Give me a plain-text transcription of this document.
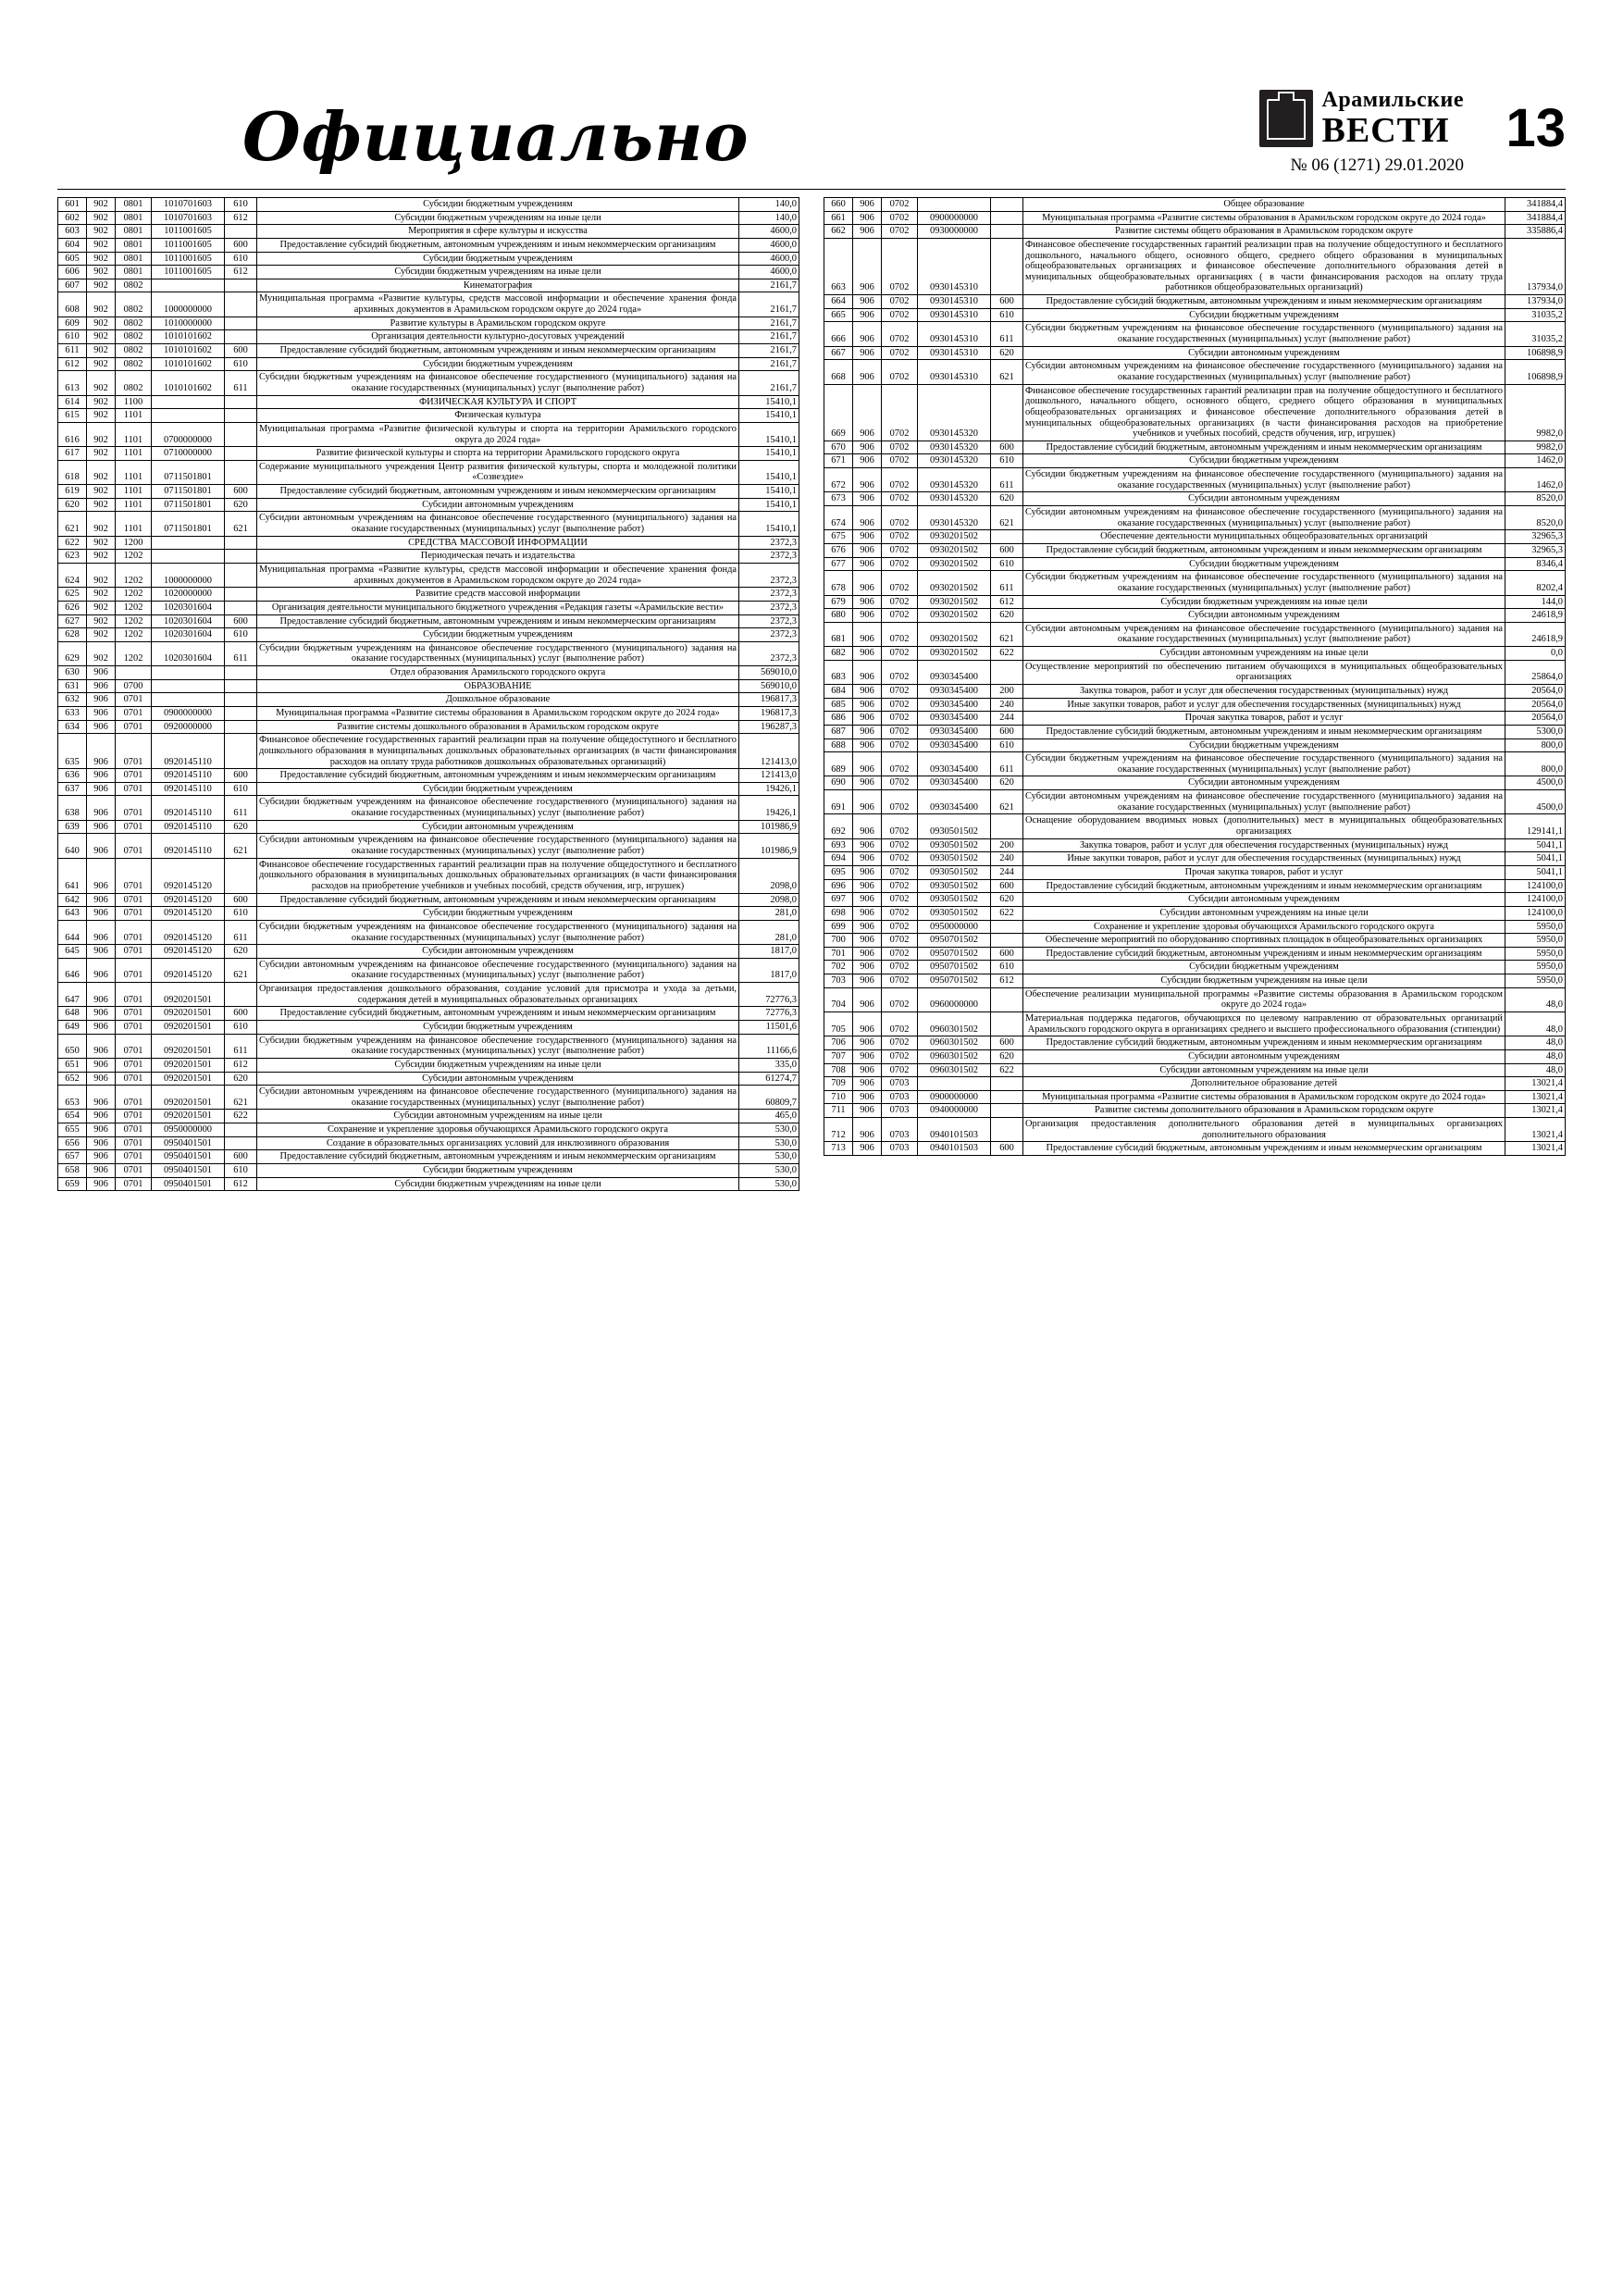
Официально	Арамильские
ВЕСТИ
№ 06 (1271) 29.01.2020
13
601	902	0801	1010701603	610	Субсидии бюджетным учреждениям	140,0
602	902	0801	1010701603	612	Субсидии бюджетным учреждениям на иные цели	140,0
603	902	0801	1011001605		Мероприятия в сфере культуры и искусства	4600,0
604	902	0801	1011001605	600	Предоставление субсидий бюджетным, автономным учреждениям и иным некоммерческим организациям	4600,0
605	902	0801	1011001605	610	Субсидии бюджетным учреждениям	4600,0
606	902	0801	1011001605	612	Субсидии бюджетным учреждениям на иные цели	4600,0
607	902	0802			Кинематография	2161,7
608	902	0802	1000000000		Муниципальная программа «Развитие культуры, средств массовой информации и обеспечение хранения фонда архивных документов в Арамильском городском округе до 2024 года»	2161,7
609	902	0802	1010000000		Развитие культуры в Арамильском городском округе	2161,7
610	902	0802	1010101602		Организация деятельности культурно-досуговых учреждений	2161,7
611	902	0802	1010101602	600	Предоставление субсидий бюджетным, автономным учреждениям и иным некоммерческим организациям	2161,7
612	902	0802	1010101602	610	Субсидии бюджетным учреждениям	2161,7
613	902	0802	1010101602	611	Субсидии бюджетным учреждениям на финансовое обеспечение государственного (муниципального) задания на оказание государственных (муниципальных) услуг (выполнение работ)	2161,7
614	902	1100			ФИЗИЧЕСКАЯ КУЛЬТУРА И СПОРТ	15410,1
615	902	1101			Физическая культура	15410,1
616	902	1101	0700000000		Муниципальная программа «Развитие физической культуры и спорта на территории Арамильского городского округа до 2024 года»	15410,1
617	902	1101	0710000000		Развитие физической культуры и спорта на территории Арамильского городского округа	15410,1
618	902	1101	0711501801		Содержание муниципального учреждения Центр развития физической культуры, спорта и молодежной политики «Созвездие»	15410,1
619	902	1101	0711501801	600	Предоставление субсидий бюджетным, автономным учреждениям и иным некоммерческим организациям	15410,1
620	902	1101	0711501801	620	Субсидии автономным учреждениям	15410,1
621	902	1101	0711501801	621	Субсидии автономным учреждениям на финансовое обеспечение государственного (муниципального) задания на оказание государственных (муниципальных) услуг (выполнение работ)	15410,1
622	902	1200			СРЕДСТВА МАССОВОЙ ИНФОРМАЦИИ	2372,3
623	902	1202			Периодическая печать и издательства	2372,3
624	902	1202	1000000000		Муниципальная программа «Развитие культуры, средств массовой информации и обеспечение хранения фонда архивных документов в Арамильском городском округе до 2024 года»	2372,3
625	902	1202	1020000000		Развитие средств массовой информации	2372,3
626	902	1202	1020301604		Организация деятельности муниципального бюджетного учреждения «Редакция газеты «Арамильские вести»	2372,3
627	902	1202	1020301604	600	Предоставление субсидий бюджетным, автономным учреждениям и иным некоммерческим организациям	2372,3
628	902	1202	1020301604	610	Субсидии бюджетным учреждениям	2372,3
629	902	1202	1020301604	611	Субсидии бюджетным учреждениям на финансовое обеспечение государственного (муниципального) задания на оказание государственных (муниципальных) услуг (выполнение работ)	2372,3
630	906				Отдел образования Арамильского городского округа	569010,0
631	906	0700			ОБРАЗОВАНИЕ	569010,0
632	906	0701			Дошкольное образование	196817,3
633	906	0701	0900000000		Муниципальная программа «Развитие системы образования в Арамильском городском округе до 2024 года»	196817,3
634	906	0701	0920000000		Развитие системы дошкольного образования в Арамильском городском округе	196287,3
635	906	0701	0920145110		Финансовое обеспечение государственных гарантий реализации прав на получение общедоступного и бесплатного дошкольного образования в муниципальных дошкольных образовательных организациях (в части финансирования расходов на оплату труда работников дошкольных образовательных организаций)	121413,0
636	906	0701	0920145110	600	Предоставление субсидий бюджетным, автономным учреждениям и иным некоммерческим организациям	121413,0
637	906	0701	0920145110	610	Субсидии бюджетным учреждениям	19426,1
638	906	0701	0920145110	611	Субсидии бюджетным учреждениям на финансовое обеспечение государственного (муниципального) задания на оказание государственных (муниципальных) услуг (выполнение работ)	19426,1
639	906	0701	0920145110	620	Субсидии автономным учреждениям	101986,9
640	906	0701	0920145110	621	Субсидии автономным учреждениям на финансовое обеспечение государственного (муниципального) задания на оказание государственных (муниципальных) услуг (выполнение работ)	101986,9
641	906	0701	0920145120		Финансовое обеспечение государственных гарантий реализации прав на получение общедоступного и бесплатного дошкольного образования в муниципальных дошкольных образовательных организациях (в части финансирования расходов на приобретение учебников и учебных пособий, средств обучения, игр, игрушек)	2098,0
642	906	0701	0920145120	600	Предоставление субсидий бюджетным, автономным учреждениям и иным некоммерческим организациям	2098,0
643	906	0701	0920145120	610	Субсидии бюджетным учреждениям	281,0
644	906	0701	0920145120	611	Субсидии бюджетным учреждениям на финансовое обеспечение государственного (муниципального) задания на оказание государственных (муниципальных) услуг (выполнение работ)	281,0
645	906	0701	0920145120	620	Субсидии автономным учреждениям	1817,0
646	906	0701	0920145120	621	Субсидии автономным учреждениям на финансовое обеспечение государственного (муниципального) задания на оказание государственных (муниципальных) услуг (выполнение работ)	1817,0
647	906	0701	0920201501		Организация предоставления дошкольного образования, создание условий для присмотра и ухода за детьми, содержания детей в муниципальных образовательных организациях	72776,3
648	906	0701	0920201501	600	Предоставление субсидий бюджетным, автономным учреждениям и иным некоммерческим организациям	72776,3
649	906	0701	0920201501	610	Субсидии бюджетным учреждениям	11501,6
650	906	0701	0920201501	611	Субсидии бюджетным учреждениям на финансовое обеспечение государственного (муниципального) задания на оказание государственных (муниципальных) услуг (выполнение работ)	11166,6
651	906	0701	0920201501	612	Субсидии бюджетным учреждениям на иные цели	335,0
652	906	0701	0920201501	620	Субсидии автономным учреждениям	61274,7
653	906	0701	0920201501	621	Субсидии автономным учреждениям на финансовое обеспечение государственного (муниципального) задания на оказание государственных (муниципальных) услуг (выполнение работ)	60809,7
654	906	0701	0920201501	622	Субсидии автономным учреждениям на иные цели	465,0
655	906	0701	0950000000		Сохранение и укрепление здоровья обучающихся Арамильского городского округа	530,0
656	906	0701	0950401501		Создание в образовательных организациях условий для инклюзивного образования	530,0
657	906	0701	0950401501	600	Предоставление субсидий бюджетным, автономным учреждениям и иным некоммерческим организациям	530,0
658	906	0701	0950401501	610	Субсидии бюджетным учреждениям	530,0
659	906	0701	0950401501	612	Субсидии бюджетным учреждениям на иные цели	530,0
660	906	0702			Общее образование	341884,4
661	906	0702	0900000000		Муниципальная программа «Развитие системы образования в Арамильском городском округе до 2024 года»	341884,4
662	906	0702	0930000000		Развитие системы общего образования в Арамильском городском округе	335886,4
663	906	0702	0930145310		Финансовое обеспечение государственных гарантий реализации прав на получение общедоступного и бесплатного дошкольного, начального общего, основного общего, среднего общего образования в муниципальных общеобразовательных организациях и финансовое обеспечение дополнительного образования детей в муниципальных общеобразовательных организациях ( в части финансирования расходов на оплату труда работников общеобразовательных организаций)	137934,0
664	906	0702	0930145310	600	Предоставление субсидий бюджетным, автономным учреждениям и иным некоммерческим организациям	137934,0
665	906	0702	0930145310	610	Субсидии бюджетным учреждениям	31035,2
666	906	0702	0930145310	611	Субсидии бюджетным учреждениям на финансовое обеспечение государственного (муниципального) задания на оказание государственных (муниципальных) услуг (выполнение работ)	31035,2
667	906	0702	0930145310	620	Субсидии автономным учреждениям	106898,9
668	906	0702	0930145310	621	Субсидии автономным учреждениям на финансовое обеспечение государственного (муниципального) задания на оказание государственных (муниципальных) услуг (выполнение работ)	106898,9
669	906	0702	0930145320		Финансовое обеспечение государственных гарантий реализации прав на получение общедоступного и бесплатного дошкольного, начального общего, основного общего, среднего общего образования в муниципальных общеобразовательных организациях и финансовое обеспечение дополнительного образования детей в муниципальных общеобразовательных организациях (в части финансирования расходов на приобретение учебников и учебных пособий, средств обучения, игр, игрушек)	9982,0
670	906	0702	0930145320	600	Предоставление субсидий бюджетным, автономным учреждениям и иным некоммерческим организациям	9982,0
671	906	0702	0930145320	610	Субсидии бюджетным учреждениям	1462,0
672	906	0702	0930145320	611	Субсидии бюджетным учреждениям на финансовое обеспечение государственного (муниципального) задания на оказание государственных (муниципальных) услуг (выполнение работ)	1462,0
673	906	0702	0930145320	620	Субсидии автономным учреждениям	8520,0
674	906	0702	0930145320	621	Субсидии автономным учреждениям на финансовое обеспечение государственного (муниципального) задания на оказание государственных (муниципальных) услуг (выполнение работ)	8520,0
675	906	0702	0930201502		Обеспечение деятельности муниципальных общеобразовательных организаций	32965,3
676	906	0702	0930201502	600	Предоставление субсидий бюджетным, автономным учреждениям и иным некоммерческим организациям	32965,3
677	906	0702	0930201502	610	Субсидии бюджетным учреждениям	8346,4
678	906	0702	0930201502	611	Субсидии бюджетным учреждениям на финансовое обеспечение государственного (муниципального) задания на оказание государственных (муниципальных) услуг (выполнение работ)	8202,4
679	906	0702	0930201502	612	Субсидии бюджетным учреждениям на иные цели	144,0
680	906	0702	0930201502	620	Субсидии автономным учреждениям	24618,9
681	906	0702	0930201502	621	Субсидии автономным учреждениям на финансовое обеспечение государственного (муниципального) задания на оказание государственных (муниципальных) услуг (выполнение работ)	24618,9
682	906	0702	0930201502	622	Субсидии автономным учреждениям на иные цели	0,0
683	906	0702	0930345400		Осуществление мероприятий по обеспечению питанием обучающихся в муниципальных общеобразовательных организациях	25864,0
684	906	0702	0930345400	200	Закупка товаров, работ и услуг для обеспечения государственных (муниципальных) нужд	20564,0
685	906	0702	0930345400	240	Иные закупки товаров, работ и услуг для обеспечения государственных (муниципальных) нужд	20564,0
686	906	0702	0930345400	244	Прочая закупка товаров, работ и услуг	20564,0
687	906	0702	0930345400	600	Предоставление субсидий бюджетным, автономным учреждениям и иным некоммерческим организациям	5300,0
688	906	0702	0930345400	610	Субсидии бюджетным учреждениям	800,0
689	906	0702	0930345400	611	Субсидии бюджетным учреждениям на финансовое обеспечение государственного (муниципального) задания на оказание государственных (муниципальных) услуг (выполнение работ)	800,0
690	906	0702	0930345400	620	Субсидии автономным учреждениям	4500,0
691	906	0702	0930345400	621	Субсидии автономным учреждениям на финансовое обеспечение государственного (муниципального) задания на оказание государственных (муниципальных) услуг (выполнение работ)	4500,0
692	906	0702	0930501502		Оснащение оборудованием вводимых новых (дополнительных) мест в муниципальных общеобразовательных организациях	129141,1
693	906	0702	0930501502	200	Закупка товаров, работ и услуг для обеспечения государственных (муниципальных) нужд	5041,1
694	906	0702	0930501502	240	Иные закупки товаров, работ и услуг для обеспечения государственных (муниципальных) нужд	5041,1
695	906	0702	0930501502	244	Прочая закупка товаров, работ и услуг	5041,1
696	906	0702	0930501502	600	Предоставление субсидий бюджетным, автономным учреждениям и иным некоммерческим организациям	124100,0
697	906	0702	0930501502	620	Субсидии автономным учреждениям	124100,0
698	906	0702	0930501502	622	Субсидии автономным учреждениям на иные цели	124100,0
699	906	0702	0950000000		Сохранение и укрепление здоровья обучающихся Арамильского городского округа	5950,0
700	906	0702	0950701502		Обеспечение мероприятий по оборудованию спортивных площадок в общеобразовательных организациях	5950,0
701	906	0702	0950701502	600	Предоставление субсидий бюджетным, автономным учреждениям и иным некоммерческим организациям	5950,0
702	906	0702	0950701502	610	Субсидии бюджетным учреждениям	5950,0
703	906	0702	0950701502	612	Субсидии бюджетным учреждениям на иные цели	5950,0
704	906	0702	0960000000		Обеспечение реализации муниципальной программы «Развитие системы образования в Арамильском городском округе до 2024 года»	48,0
705	906	0702	0960301502		Материальная поддержка педагогов, обучающихся по целевому направлению от образовательных организаций Арамильского городского округа в организациях среднего и высшего профессионального образования (стипендии)	48,0
706	906	0702	0960301502	600	Предоставление субсидий бюджетным, автономным учреждениям и иным некоммерческим организациям	48,0
707	906	0702	0960301502	620	Субсидии автономным учреждениям	48,0
708	906	0702	0960301502	622	Субсидии автономным учреждениям на иные цели	48,0
709	906	0703			Дополнительное образование детей	13021,4
710	906	0703	0900000000		Муниципальная программа «Развитие системы образования в Арамильском городском округе до 2024 года»	13021,4
711	906	0703	0940000000		Развитие системы дополнительного образования в Арамильском городском округе	13021,4
712	906	0703	0940101503		Организация предоставления дополнительного образования детей в муниципальных организациях дополнительного образования	13021,4
713	906	0703	0940101503	600	Предоставление субсидий бюджетным, автономным учреждениям и иным некоммерческим организациям	13021,4
